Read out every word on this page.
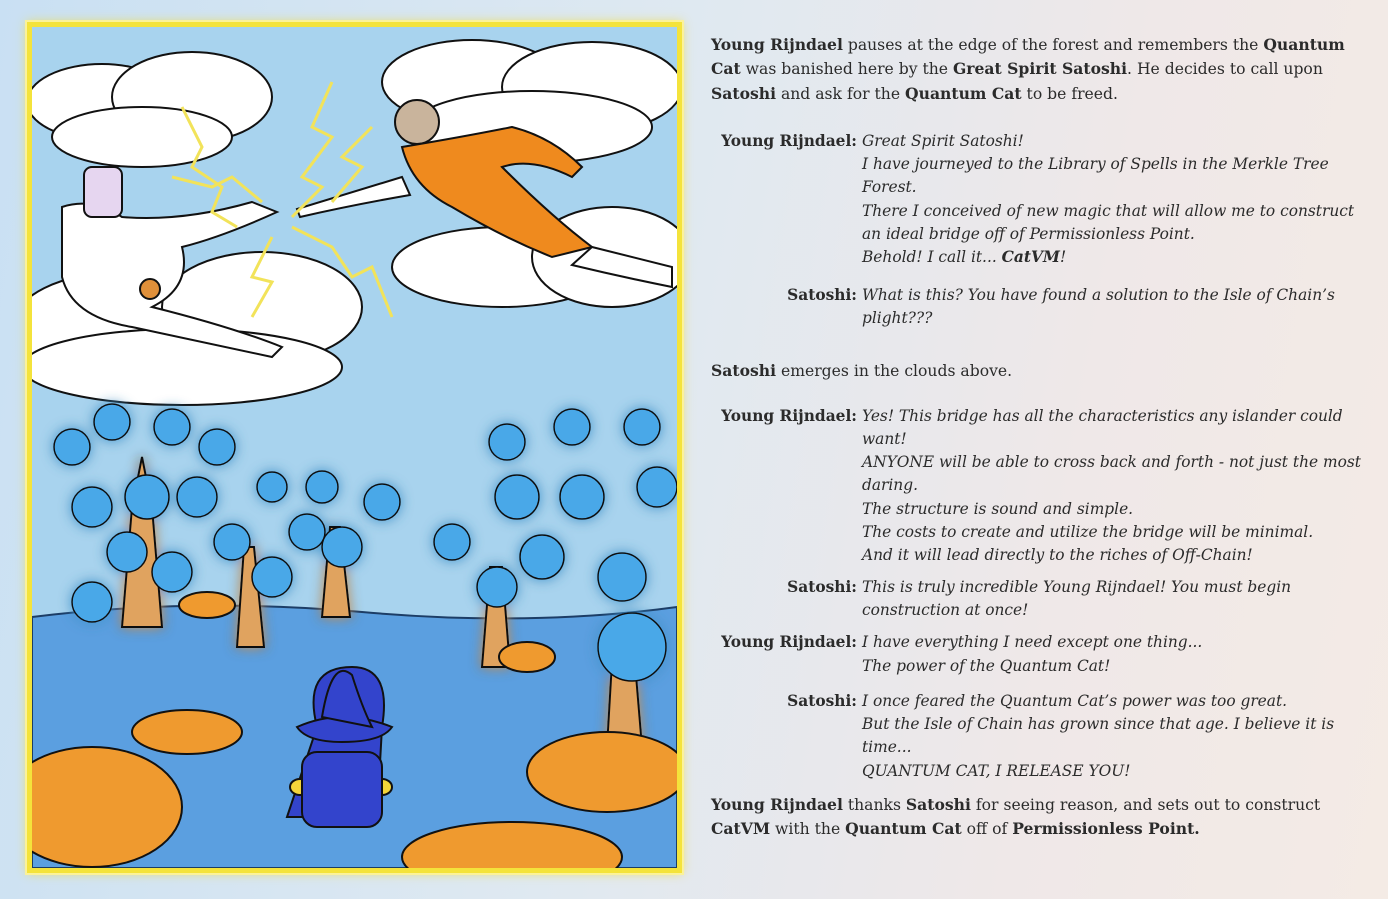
Young Rijndael pauses at the edge of the forest and remembers the Quantum Cat was banished here by the Great Spirit Satoshi. He decides to call upon Satoshi and ask for the Quantum Cat to be freed.

Young Rijndael: Great Spirit Satoshi!
I have journeyed to the Library of Spells in the Merkle Tree Forest.
There I conceived of new magic that will allow me to construct an ideal bridge off of Permissionless Point.
Behold! I call it... CatVM!
Satoshi: What is this? You have found a solution to the Isle of Chain’s plight???

Satoshi emerges in the clouds above.

Young Rijndael: Yes! This bridge has all the characteristics any islander could want!
ANYONE will be able to cross back and forth - not just the most daring.
The structure is sound and simple.
The costs to create and utilize the bridge will be minimal.
And it will lead directly to the riches of Off-Chain!
Satoshi: This is truly incredible Young Rijndael! You must begin construction at once!
Young Rijndael: I have everything I need except one thing...
The power of the Quantum Cat!
Satoshi: I once feared the Quantum Cat’s power was too great.
But the Isle of Chain has grown since that age. I believe it is time...
QUANTUM CAT, I RELEASE YOU!

Young Rijndael thanks Satoshi for seeing reason, and sets out to construct CatVM with the Quantum Cat off of Permissionless Point.
